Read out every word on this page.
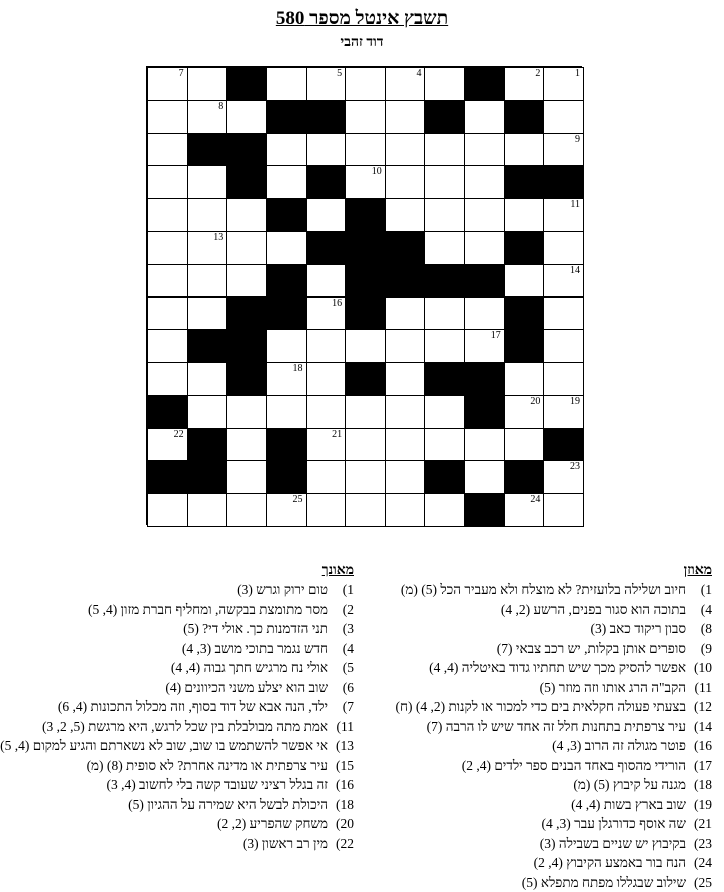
תשבץ אינטל מספר 580
דוד זהבי
1
2
4
5
7
8
9
10
11
13
14
16
17
18
19
20
21
22
23
24
25
מאוזן
1)חיוב ושלילה בלועזית? לא מוצלח ולא מעביר הכל (5) (מ)
4)בתוכה הוא סגור בפנים, הרשע (2, 4)
8)סבון ריקוד כאב (3)
9)סופרים אותן בקלות, יש רכב צבאי (7)
10)אפשר להסיק מכך שיש תחתיו גדוד באיטליה (4, 4)
11)הקב"ה הרג אותו וזה מוזר (5)
12)בצעתי פעולה חקלאית בים כדי למכור או לקנות (2, 4) (ח)
14)עיר צרפתית בתחנות חלל זה אחד שיש לו הרבה (7)
16)פוטר מגולה זה הרוב (3, 4)
17)הורידי מהסוף באחד הבנים ספר ילדים (4, 2)
18)מגנה על קיבוץ (5) (מ)
19)שוב בארץ בשות (4, 4)
21)שה אוסף כדורגלן עבר (3, 4)
23)בקיבוץ יש שניים בשבילה (3)
24)הנח בור באמצע הקיבוץ (4, 2)
25)שילוב שבגללו מפתח מתפלא (5)
מאונך
1)טום ירוק וגרש (3)
2)מסר מתומצת בבקשה, ומחליף חברת מזון (4, 5)
3)תני הזדמנות כך. אולי די? (5)
4)חדש נגמר בתוכי מושב (3, 4)
5)אולי נח מרגיש חתך גבוה (4, 4)
6)שוב הוא יצלע משני הכיוונים (4)
7)ילד, הנה אבא של דוד בסוף, וזה מכלול התכונות (4, 6)
11)אמת מתה מבולבלת בין שכל לרגש, היא מרגשת (5, 2, 3)
13)אי אפשר להשתמש בו שוב, שוב לא נשארתם והגיע למקום (4, 5)
15)עיר צרפתית או מדינה אחרת? לא סופית (8) (מ)
16)זה בגלל רציני שעובד קשה בלי לחשוב (4, 3)
18)היכולת לבשל היא שמירה על ההגיון (5)
20)משחק שהפריע (2, 2)
22)מין רב ראשון (3)
